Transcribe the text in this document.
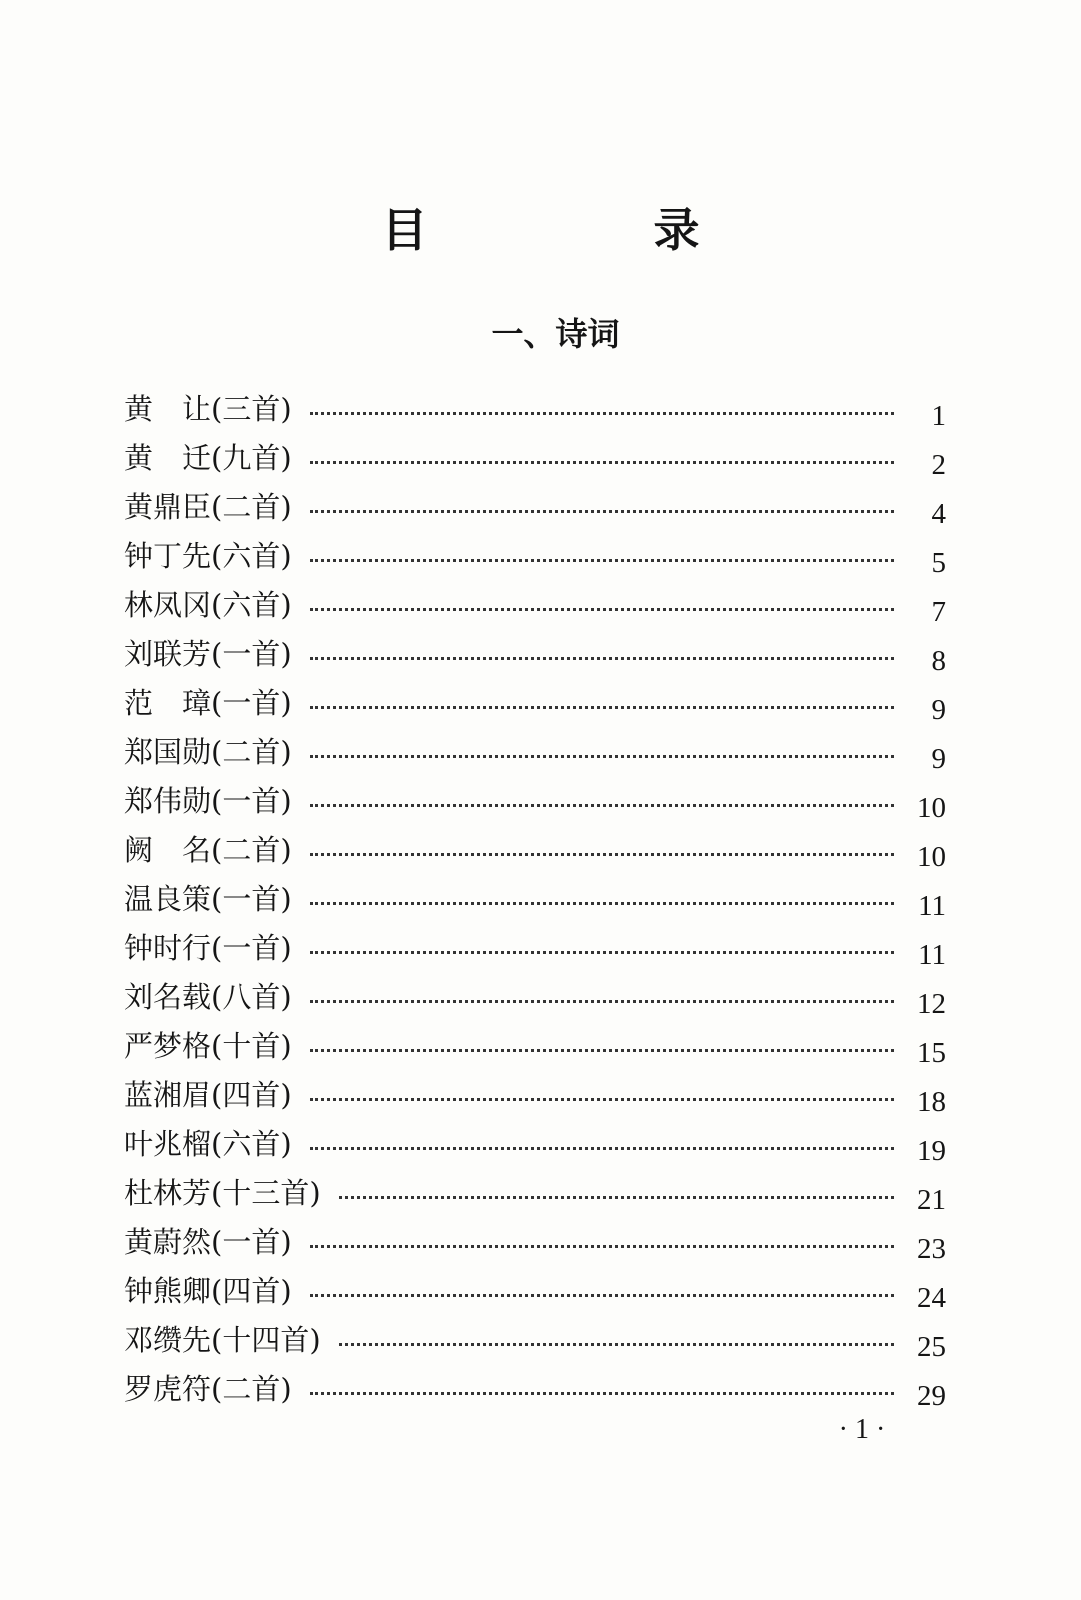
目　录
一、诗词
黄　让 (三首)	1
黄　迁 (九首)	2
黄鼎臣 (二首)	4
钟丁先 (六首)	5
林凤冈 (六首)	7
刘联芳 (一首)	8
范　璋 (一首)	9
郑国勋 (二首)	9
郑伟勋 (一首)	10
阙　名 (二首)	10
温良策 (一首)	11
钟时行 (一首)	11
刘名载 (八首)	12
严梦格 (十首)	15
蓝湘眉 (四首)	18
叶兆榴 (六首)	19
杜林芳 (十三首)	21
黄蔚然 (一首)	23
钟熊卿 (四首)	24
邓缵先 (十四首)	25
罗虎符 (二首)	29
· 1 ·
